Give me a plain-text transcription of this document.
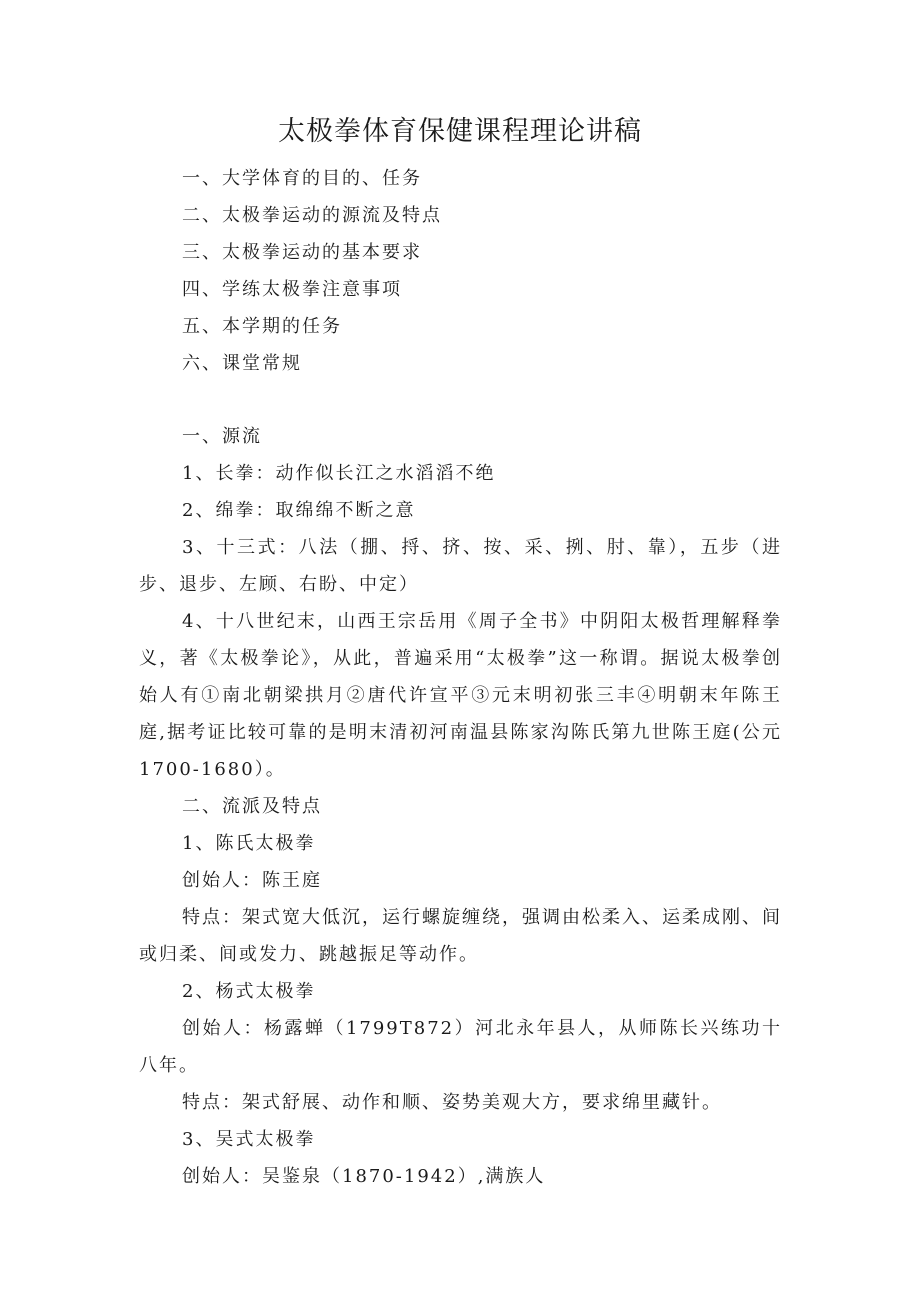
太极拳体育保健课程理论讲稿
一、大学体育的目的、任务
二、太极拳运动的源流及特点
三、太极拳运动的基本要求
四、学练太极拳注意事项
五、本学期的任务
六、课堂常规

一、源流

1、长拳：动作似长江之水滔滔不绝

2、绵拳：取绵绵不断之意

3、十三式：八法（掤、捋、挤、按、采、挒、肘、靠），五步（进步、退步、左顾、右盼、中定）

4、十八世纪末，山西王宗岳用《周子全书》中阴阳太极哲理解释拳义，著《太极拳论》，从此，普遍采用“太极拳”这一称谓。据说太极拳创始人有①南北朝梁拱月②唐代许宣平③元末明初张三丰④明朝末年陈王庭,据考证比较可靠的是明末清初河南温县陈家沟陈氏第九世陈王庭(公元1700-1680）。

二、流派及特点

1、陈氏太极拳

创始人：陈王庭

特点：架式宽大低沉，运行螺旋缠绕，强调由松柔入、运柔成刚、间或归柔、间或发力、跳越振足等动作。

2、杨式太极拳

创始人：杨露蝉（1799T872）河北永年县人，从师陈长兴练功十八年。

特点：架式舒展、动作和顺、姿势美观大方，要求绵里藏针。

3、吴式太极拳

创始人：吴鉴泉（1870-1942）,满族人
